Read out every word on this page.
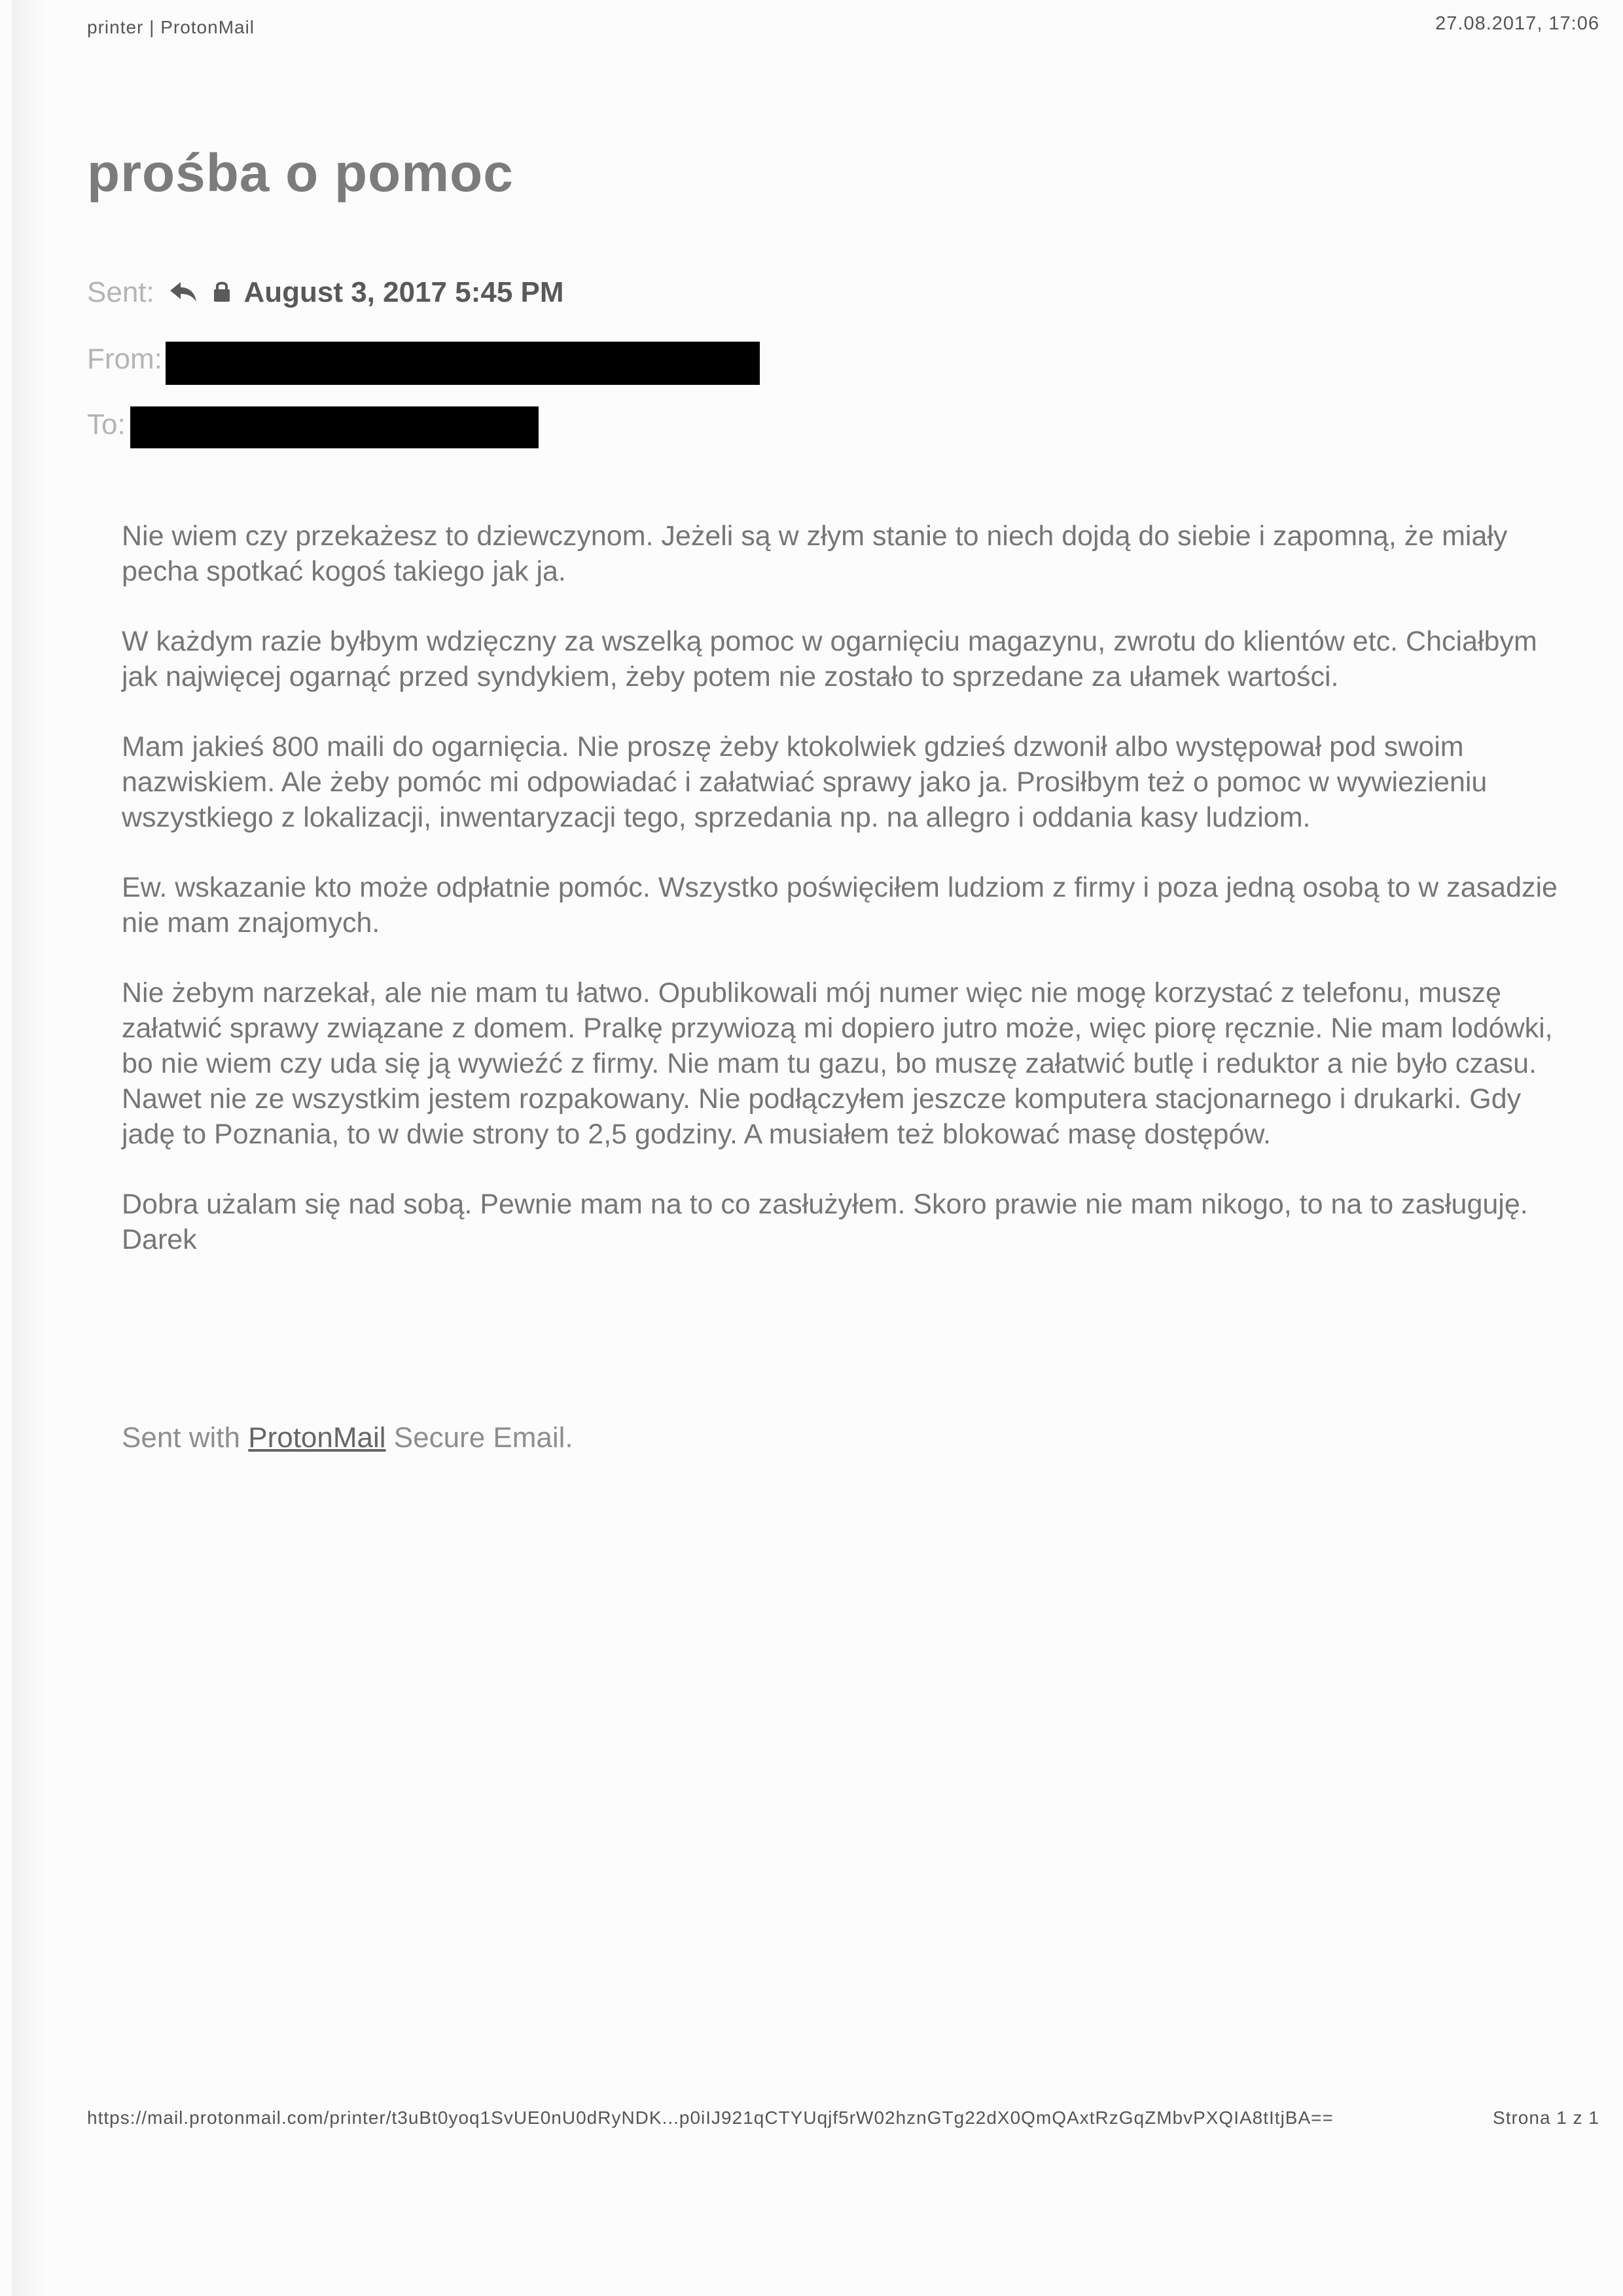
printer | ProtonMail	27.08.2017, 17:06
prośba o pomoc
Sent:	August 3, 2017 5:45 PM
From:
To:

Nie wiem czy przekażesz to dziewczynom. Jeżeli są w złym stanie to niech dojdą do siebie i zapomną, że miały pecha spotkać kogoś takiego jak ja.

W każdym razie byłbym wdzięczny za wszelką pomoc w ogarnięciu magazynu, zwrotu do klientów etc. Chciałbym jak najwięcej ogarnąć przed syndykiem, żeby potem nie zostało to sprzedane za ułamek wartości.

Mam jakieś 800 maili do ogarnięcia. Nie proszę żeby ktokolwiek gdzieś dzwonił albo występował pod swoim nazwiskiem. Ale żeby pomóc mi odpowiadać i załatwiać sprawy jako ja. Prosiłbym też o pomoc w wywiezieniu wszystkiego z lokalizacji, inwentaryzacji tego, sprzedania np. na allegro i oddania kasy ludziom.

Ew. wskazanie kto może odpłatnie pomóc. Wszystko poświęciłem ludziom z firmy i poza jedną osobą to w zasadzie nie mam znajomych.

Nie żebym narzekał, ale nie mam tu łatwo. Opublikowali mój numer więc nie mogę korzystać z telefonu, muszę załatwić sprawy związane z domem. Pralkę przywiozą mi dopiero jutro może, więc piorę ręcznie. Nie mam lodówki, bo nie wiem czy uda się ją wywieźć z firmy. Nie mam tu gazu, bo muszę załatwić butlę i reduktor a nie było czasu. Nawet nie ze wszystkim jestem rozpakowany. Nie podłączyłem jeszcze komputera stacjonarnego i drukarki. Gdy jadę to Poznania, to w dwie strony to 2,5 godziny. A musiałem też blokować masę dostępów.

Dobra użalam się nad sobą. Pewnie mam na to co zasłużyłem. Skoro prawie nie mam nikogo, to na to zasługuję. Darek

Sent with ProtonMail Secure Email.
https://mail.protonmail.com/printer/t3uBt0yoq1SvUE0nU0dRyNDK...p0iIJ921qCTYUqjf5rW02hznGTg22dX0QmQAxtRzGqZMbvPXQIA8tItjBA==	Strona 1 z 1
